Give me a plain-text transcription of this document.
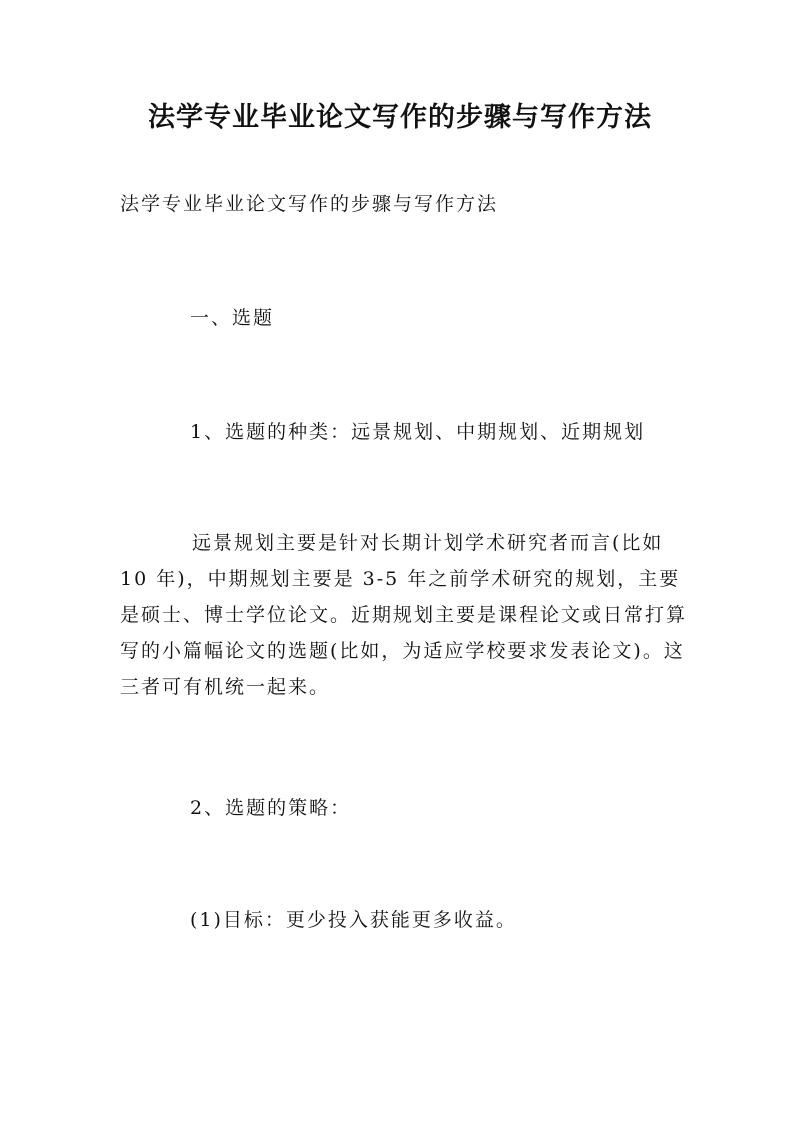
法学专业毕业论文写作的步骤与写作方法
法学专业毕业论文写作的步骤与写作方法
一、选题
1、选题的种类：远景规划、中期规划、近期规划
远景规划主要是针对长期计划学术研究者而言(比如 10 年)，中期规划主要是 3-5 年之前学术研究的规划，主要是硕士、博士学位论文。近期规划主要是课程论文或日常打算写的小篇幅论文的选题(比如，为适应学校要求发表论文)。这三者可有机统一起来。
2、选题的策略：
(1)目标：更少投入获能更多收益。
